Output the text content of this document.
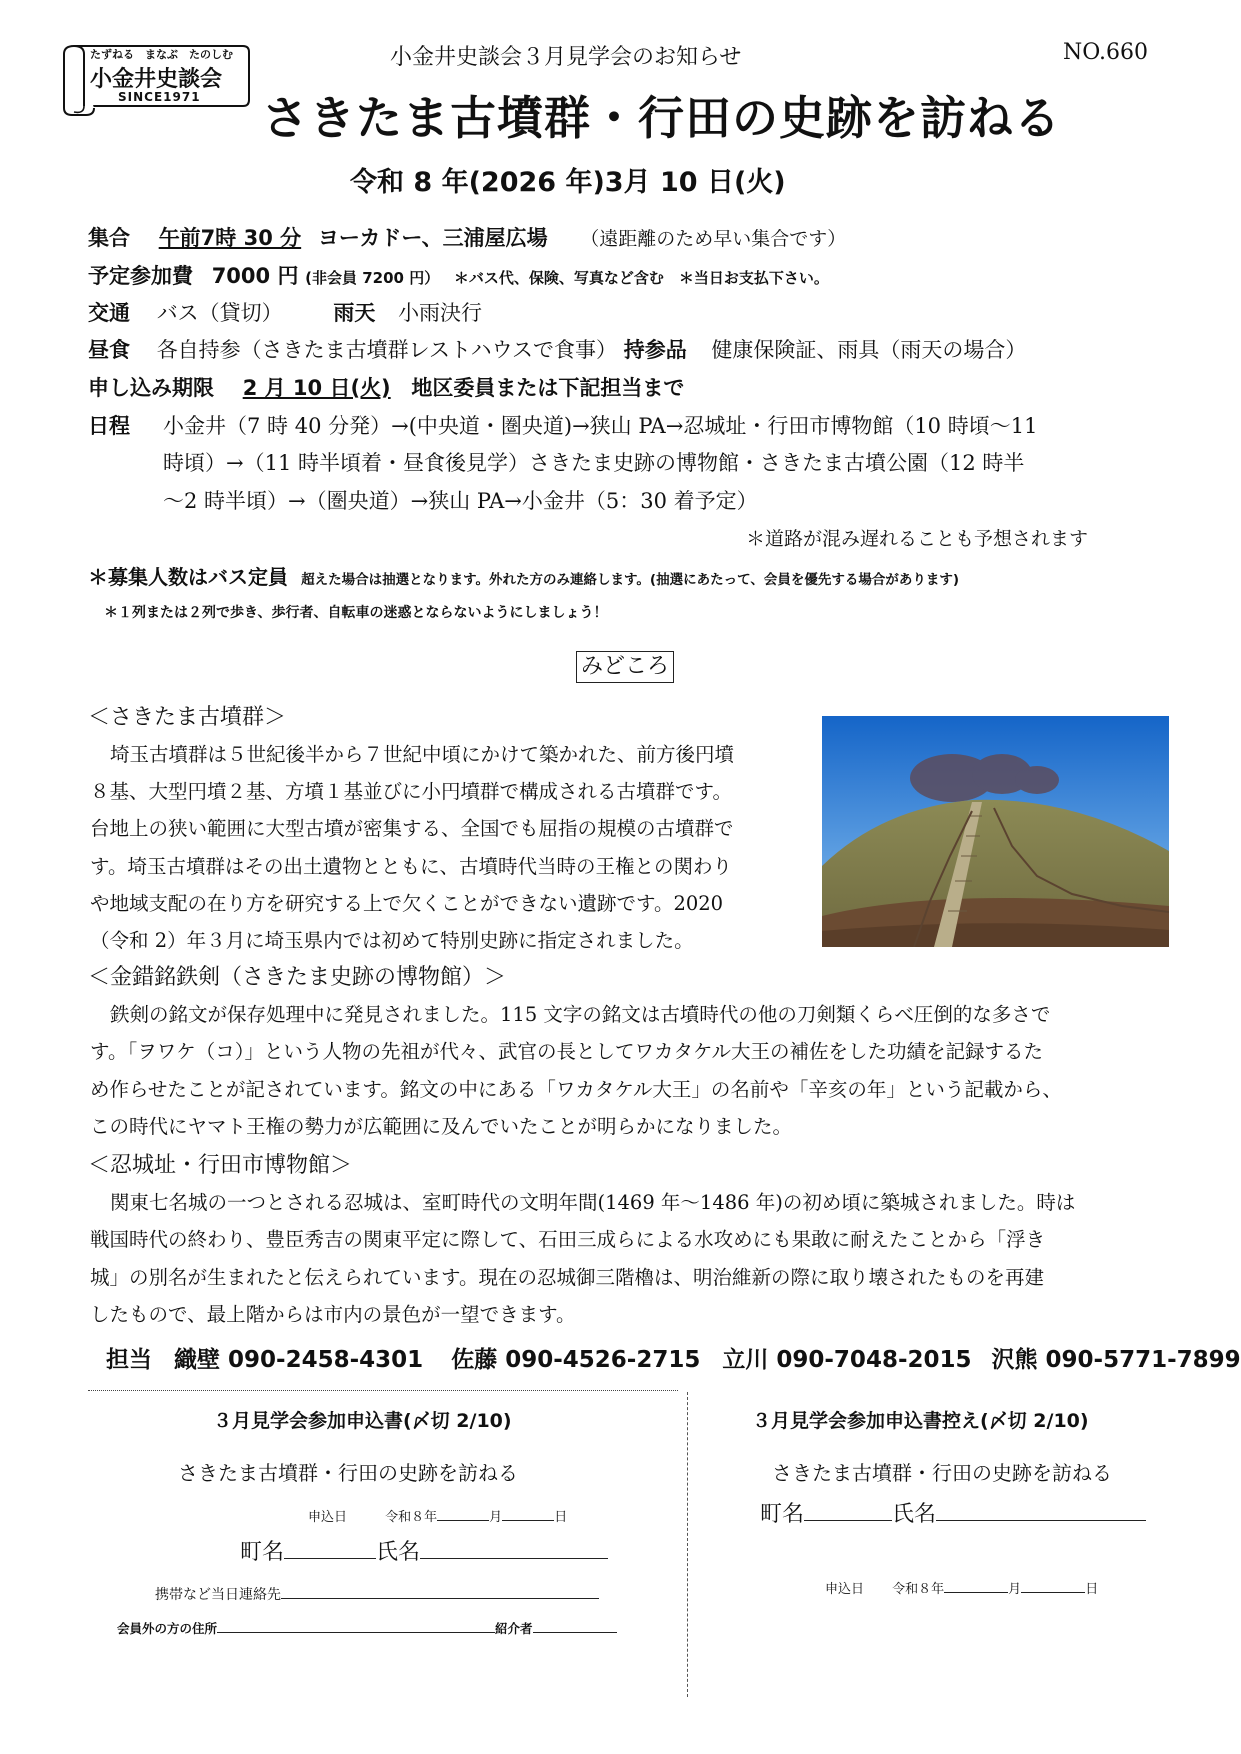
たずねる　まなぶ　たのしむ
小金井史談会
SINCE1971
小金井史談会３月見学会のお知らせ	NO.660
さきたま古墳群・行田の史跡を訪ねる
令和 8 年(2026 年)3月 10 日(火)
集合 午前7時 30 分 ヨーカドー、三浦屋広場 （遠距離のため早い集合です）
予定参加費 7000 円 (非会員 7200 円） ＊バス代、保険、写真など含む　＊当日お支払下さい。
交通 バス（貸切） 雨天 小雨決行
昼食 各自持参（さきたま古墳群レストハウスで食事） 持参品 健康保険証、雨具（雨天の場合）
申し込み期限 2 月 10 日(火) 地区委員または下記担当まで
日程 小金井（7 時 40 分発）→(中央道・圏央道)→狭山 PA→忍城址・行田市博物館（10 時頃〜11
時頃）→（11 時半頃着・昼食後見学）さきたま史跡の博物館・さきたま古墳公園（12 時半
〜2 時半頃）→（圏央道）→狭山 PA→小金井（5：30 着予定）
＊道路が混み遅れることも予想されます
＊募集人数はバス定員 超えた場合は抽選となります。外れた方のみ連絡します。(抽選にあたって、会員を優先する場合があります)
＊１列または２列で歩き、歩行者、自転車の迷惑とならないようにしましょう！
みどころ
＜さきたま古墳群＞
埼玉古墳群は５世紀後半から７世紀中頃にかけて築かれた、前方後円墳
８基、大型円墳２基、方墳１基並びに小円墳群で構成される古墳群です。
台地上の狭い範囲に大型古墳が密集する、全国でも屈指の規模の古墳群で
す。埼玉古墳群はその出土遺物とともに、古墳時代当時の王権との関わり
や地域支配の在り方を研究する上で欠くことができない遺跡です。2020
（令和 2）年３月に埼玉県内では初めて特別史跡に指定されました。
＜金錯銘鉄剣（さきたま史跡の博物館）＞
鉄剣の銘文が保存処理中に発見されました。115 文字の銘文は古墳時代の他の刀剣類くらべ圧倒的な多さで
す。「ヲワケ（コ）」という人物の先祖が代々、武官の長としてワカタケル大王の補佐をした功績を記録するた
め作らせたことが記されています。銘文の中にある「ワカタケル大王」の名前や「辛亥の年」という記載から、
この時代にヤマト王権の勢力が広範囲に及んでいたことが明らかになりました。
＜忍城址・行田市博物館＞
関東七名城の一つとされる忍城は、室町時代の文明年間(1469 年〜1486 年)の初め頃に築城されました。時は
戦国時代の終わり、豊臣秀吉の関東平定に際して、石田三成らによる水攻めにも果敢に耐えたことから「浮き
城」の別名が生まれたと伝えられています。現在の忍城御三階櫓は、明治維新の際に取り壊されたものを再建
したもので、最上階からは市内の景色が一望できます。
担当 織壁 090-2458-4301 佐藤 090-4526-2715 立川 090-7048-2015 沢熊 090-5771-7899
３月見学会参加申込書(〆切 2/10)
さきたま古墳群・行田の史跡を訪ねる
申込日	令和８年	月	日
町名	氏名
携帯など当日連絡先
会員外の方の住所	紹介者
３月見学会参加申込書控え(〆切 2/10)
さきたま古墳群・行田の史跡を訪ねる
町名	氏名
申込日 令和８年	月	日
